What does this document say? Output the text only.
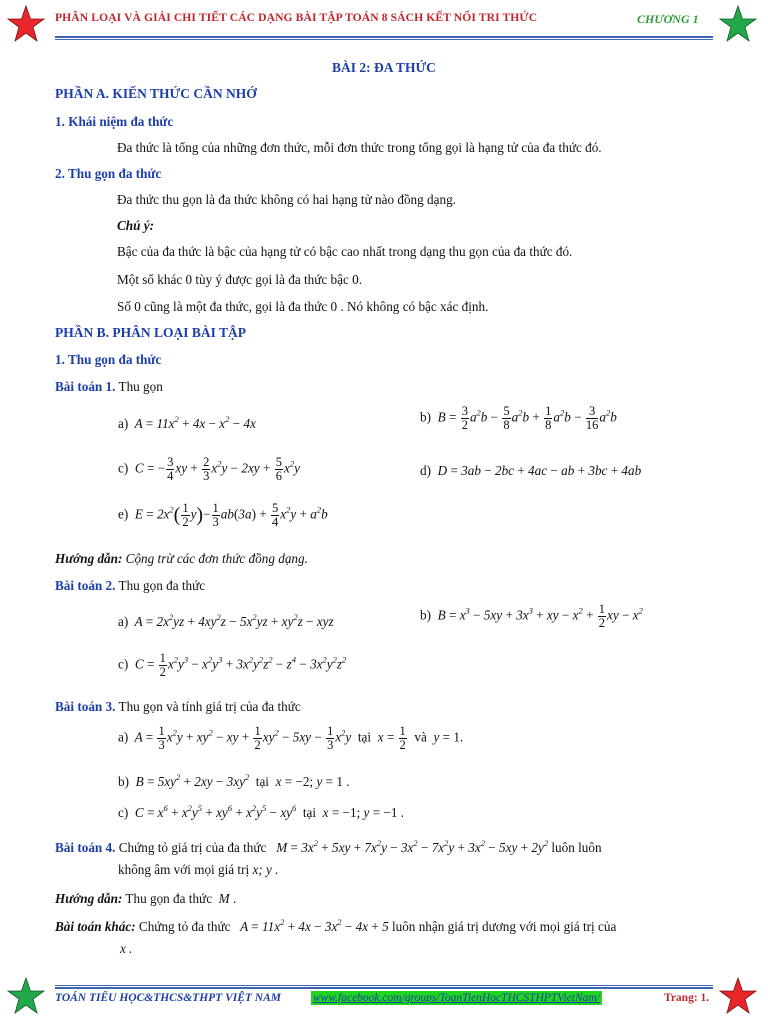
PHÂN LOẠI VÀ GIẢI CHI TIẾT CÁC DẠNG BÀI TẬP TOÁN 8 SÁCH KẾT NỐI TRI THỨC	CHƯƠNG 1
BÀI 2: ĐA THỨC
PHẦN A. KIẾN THỨC CẦN NHỚ
1. Khái niệm đa thức
Đa thức là tổng của những đơn thức, mỗi đơn thức trong tổng gọi là hạng tử của đa thức đó.
2. Thu gọn đa thức
Đa thức thu gọn là đa thức không có hai hạng tử nào đồng dạng.
Chú ý:
Bậc của đa thức là bậc của hạng tử có bậc cao nhất trong dạng thu gọn của đa thức đó.
Một số khác 0 tùy ý được gọi là đa thức bậc 0.
Số 0 cũng là một đa thức, gọi là đa thức 0 . Nó không có bậc xác định.
PHẦN B. PHÂN LOẠI BÀI TẬP
1. Thu gọn đa thức
Bài toán 1. Thu gọn
a)  $A = 11x^2 + 4x - x^2 - 4x$	b)  $B = \frac{3}{2} a^2b - \frac{5}{8} a^2b + \frac{1}{8} a^2b - \frac{3}{16} a^2b$
c)  C = − $\frac{3}{4}$ xy + $\frac{2}{3} x^2y - 2xy + \frac{5}{6} x^2y$	d)  D = 3ab − 2bc + 4ac − ab + 3bc + 4ab
e)  $E = 2x^2( \frac{1}{2} y)- \frac{1}{3} ab(3a) + \frac{5}{4} x^2y + a^2b$
Hướng dẫn: Cộng trừ các đơn thức đồng dạng.
Bài toán 2. Thu gọn đa thức
a)  $A = 2x^2yz + 4xy^2z - 5x^2yz + xy^2z$ − xyz	b)  $B = x^3 - 5xy + 3x^3$ + xy − $x^2 + \frac{1}{2}$ xy − $x^2$
c)  $C = \frac{1}{2} x^2y^3 - x^2y^3 + 3x^2y^2z^2 - z^4 - 3x^2y^2z^2$
Bài toán 3. Thu gọn và tính giá trị của đa thức
a)  $A = \frac{1}{3} x^2y + xy^2$ − xy + $\frac{1}{2} xy^2 - 5xy - \frac{1}{3} x^2y$  tại  $x = \frac{1}{2}$ và  y = 1.
b)  $B = 5xy^2 + 2xy - 3xy^2$ tại  x = −2; y = 1 .
c)  $C = x^6 + x^2y^5 + xy^6 + x^2y^5 - xy^6$ tại  x = −1; y = −1 .
Bài toán 4. Chứng tỏ giá trị của đa thức   $M = 3x^2 + 5xy + 7x^2y - 3x^2 - 7x^2y + 3x^2 - 5xy + 2y^2$ luôn luôn
không âm với mọi giá trị x; y .
Hướng dẫn: Thu gọn đa thức M .
Bài toán khác: Chứng tỏ đa thức   $A = 11x^2 + 4x - 3x^2 - 4x + 5$ luôn nhận giá trị dương với mọi giá trị của
x .
TOÁN TIỂU HỌC&THCS&THPT VIỆT NAM	www.facebook.com/groups/ToanTienHocTHCSTHPTVietNam/	Trang: 1.
